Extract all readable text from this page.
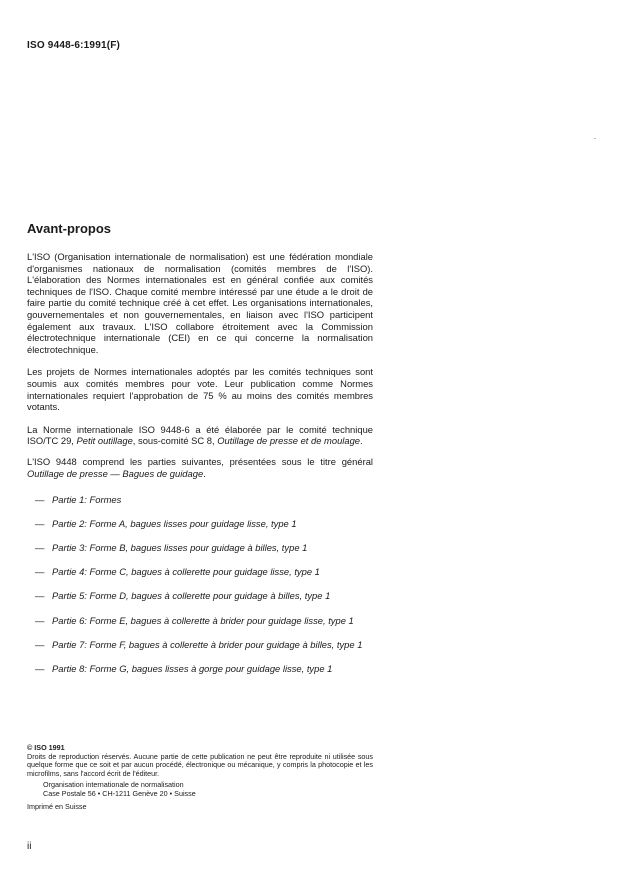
ISO 9448-6:1991(F)
Avant-propos

L'ISO (Organisation internationale de normalisation) est une fédération mondiale d'organismes nationaux de normalisation (comités membres de l'ISO). L'élaboration des Normes internationales est en général confiée aux comités techniques de l'ISO. Chaque comité membre intéressé par une étude a le droit de faire partie du comité technique créé à cet effet. Les organisations internationales, gouvernementales et non gouvernementales, en liaison avec l'ISO participent également aux travaux. L'ISO collabore étroitement avec la Commission électrotechnique internationale (CEI) en ce qui concerne la normalisation électrotechnique.

Les projets de Normes internationales adoptés par les comités techniques sont soumis aux comités membres pour vote. Leur publication comme Normes internationales requiert l'approbation de 75 % au moins des comités membres votants.

La Norme internationale ISO 9448-6 a été élaborée par le comité technique ISO/TC 29, Petit outillage, sous-comité SC 8, Outillage de presse et de moulage.

L'ISO 9448 comprend les parties suivantes, présentées sous le titre général Outillage de presse — Bagues de guidage.

— Partie 1: Formes
— Partie 2: Forme A, bagues lisses pour guidage lisse, type 1
— Partie 3: Forme B, bagues lisses pour guidage à billes, type 1
— Partie 4: Forme C, bagues à collerette pour guidage lisse, type 1
— Partie 5: Forme D, bagues à collerette pour guidage à billes, type 1
— Partie 6: Forme E, bagues à collerette à brider pour guidage lisse, type 1
— Partie 7: Forme F, bagues à collerette à brider pour guidage à billes, type 1
— Partie 8: Forme G, bagues lisses à gorge pour guidage lisse, type 1
© ISO 1991
Droits de reproduction réservés. Aucune partie de cette publication ne peut être reproduite ni utilisée sous quelque forme que ce soit et par aucun procédé, électronique ou mécanique, y compris la photocopie et les microfilms, sans l'accord écrit de l'éditeur.
Organisation internationale de normalisation
Case Postale 56 • CH-1211 Genève 20 • Suisse
Imprimé en Suisse
ii
